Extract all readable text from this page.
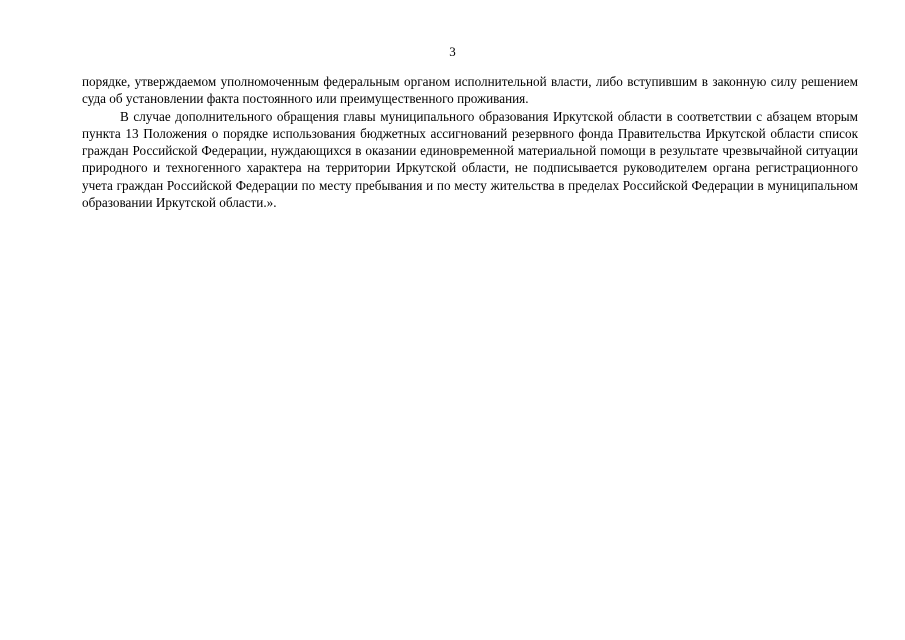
3

порядке, утверждаемом уполномоченным федеральным органом исполнительной власти, либо вступившим в законную силу решением суда об установлении факта постоянного или преимущественного проживания.

В случае дополнительного обращения главы муниципального образования Иркутской области в соответствии с абзацем вторым пункта 13 Положения о порядке использования бюджетных ассигнований резервного фонда Правительства Иркутской области список граждан Российской Федерации, нуждающихся в оказании единовременной материальной помощи в результате чрезвычайной ситуации природного и техногенного характера на территории Иркутской области, не подписывается руководителем органа регистрационного учета граждан Российской Федерации по месту пребывания и по месту жительства в пределах Российской Федерации в муниципальном образовании Иркутской области.».
